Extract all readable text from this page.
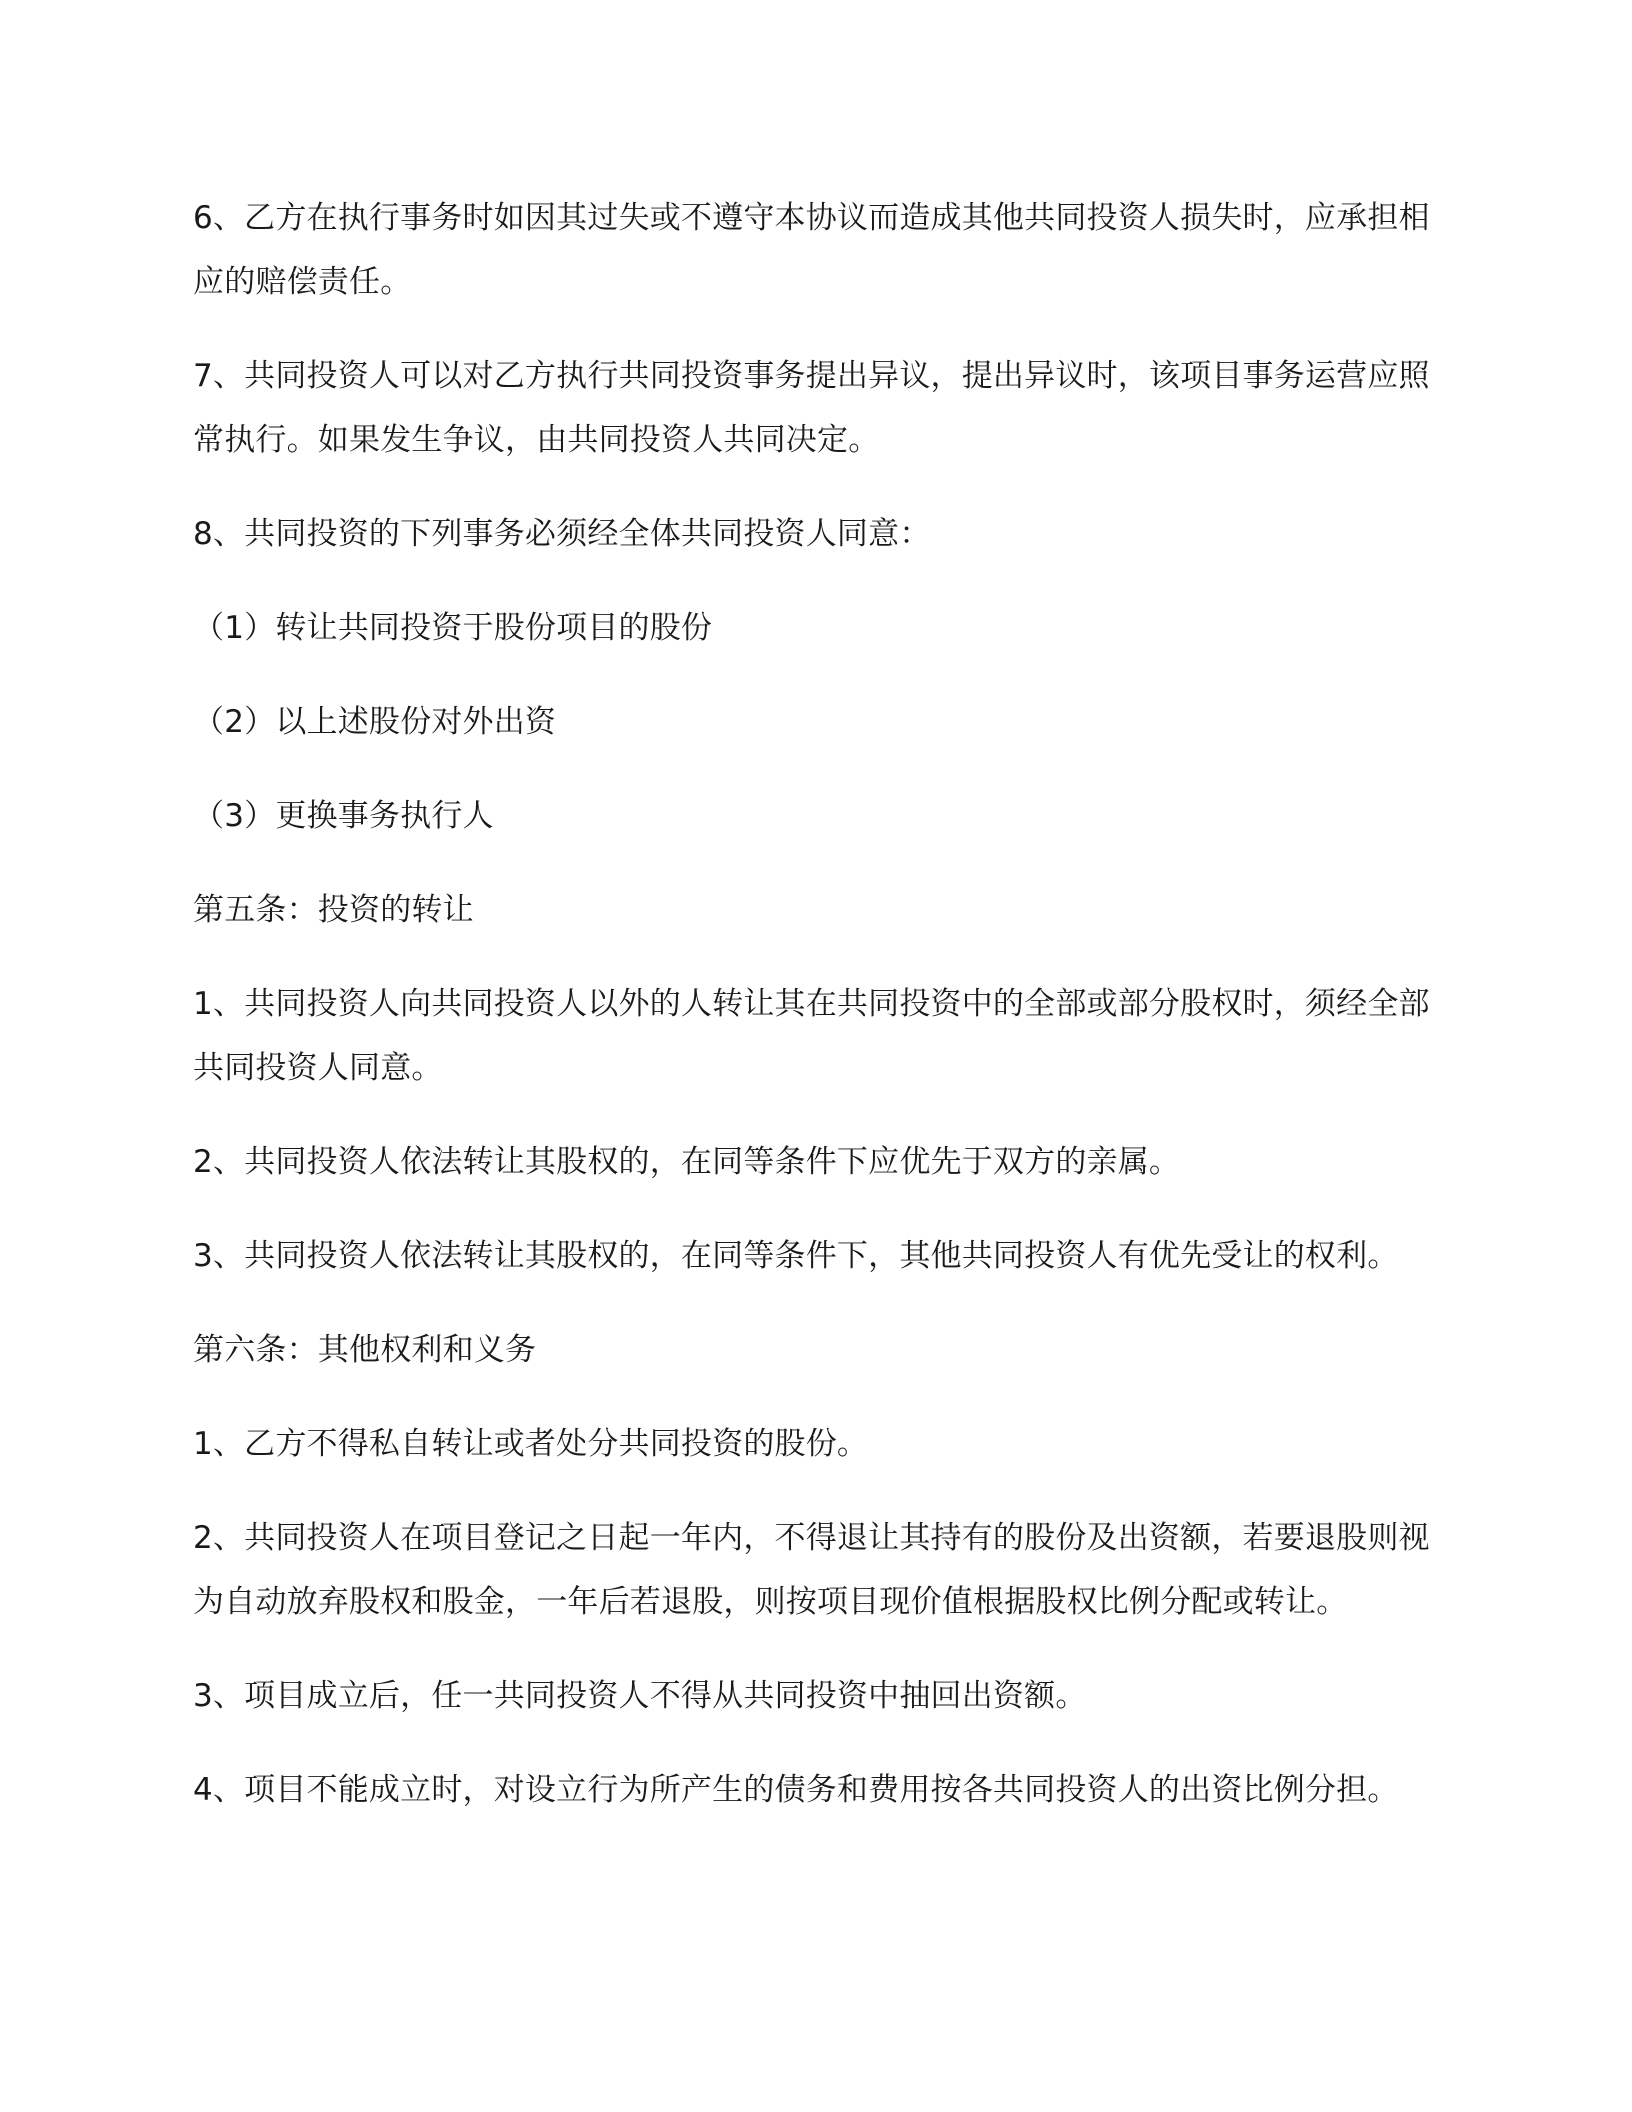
6、乙方在执行事务时如因其过失或不遵守本协议而造成其他共同投资人损失时，应承担相应的赔偿责任。

7、共同投资人可以对乙方执行共同投资事务提出异议，提出异议时，该项目事务运营应照常执行。如果发生争议，由共同投资人共同决定。

8、共同投资的下列事务必须经全体共同投资人同意：

（1）转让共同投资于股份项目的股份

（2）以上述股份对外出资

（3）更换事务执行人

第五条：投资的转让

1、共同投资人向共同投资人以外的人转让其在共同投资中的全部或部分股权时，须经全部共同投资人同意。

2、共同投资人依法转让其股权的，在同等条件下应优先于双方的亲属。

3、共同投资人依法转让其股权的，在同等条件下，其他共同投资人有优先受让的权利。

第六条：其他权利和义务

1、乙方不得私自转让或者处分共同投资的股份。

2、共同投资人在项目登记之日起一年内，不得退让其持有的股份及出资额，若要退股则视为自动放弃股权和股金，一年后若退股，则按项目现价值根据股权比例分配或转让。

3、项目成立后，任一共同投资人不得从共同投资中抽回出资额。

4、项目不能成立时，对设立行为所产生的债务和费用按各共同投资人的出资比例分担。
